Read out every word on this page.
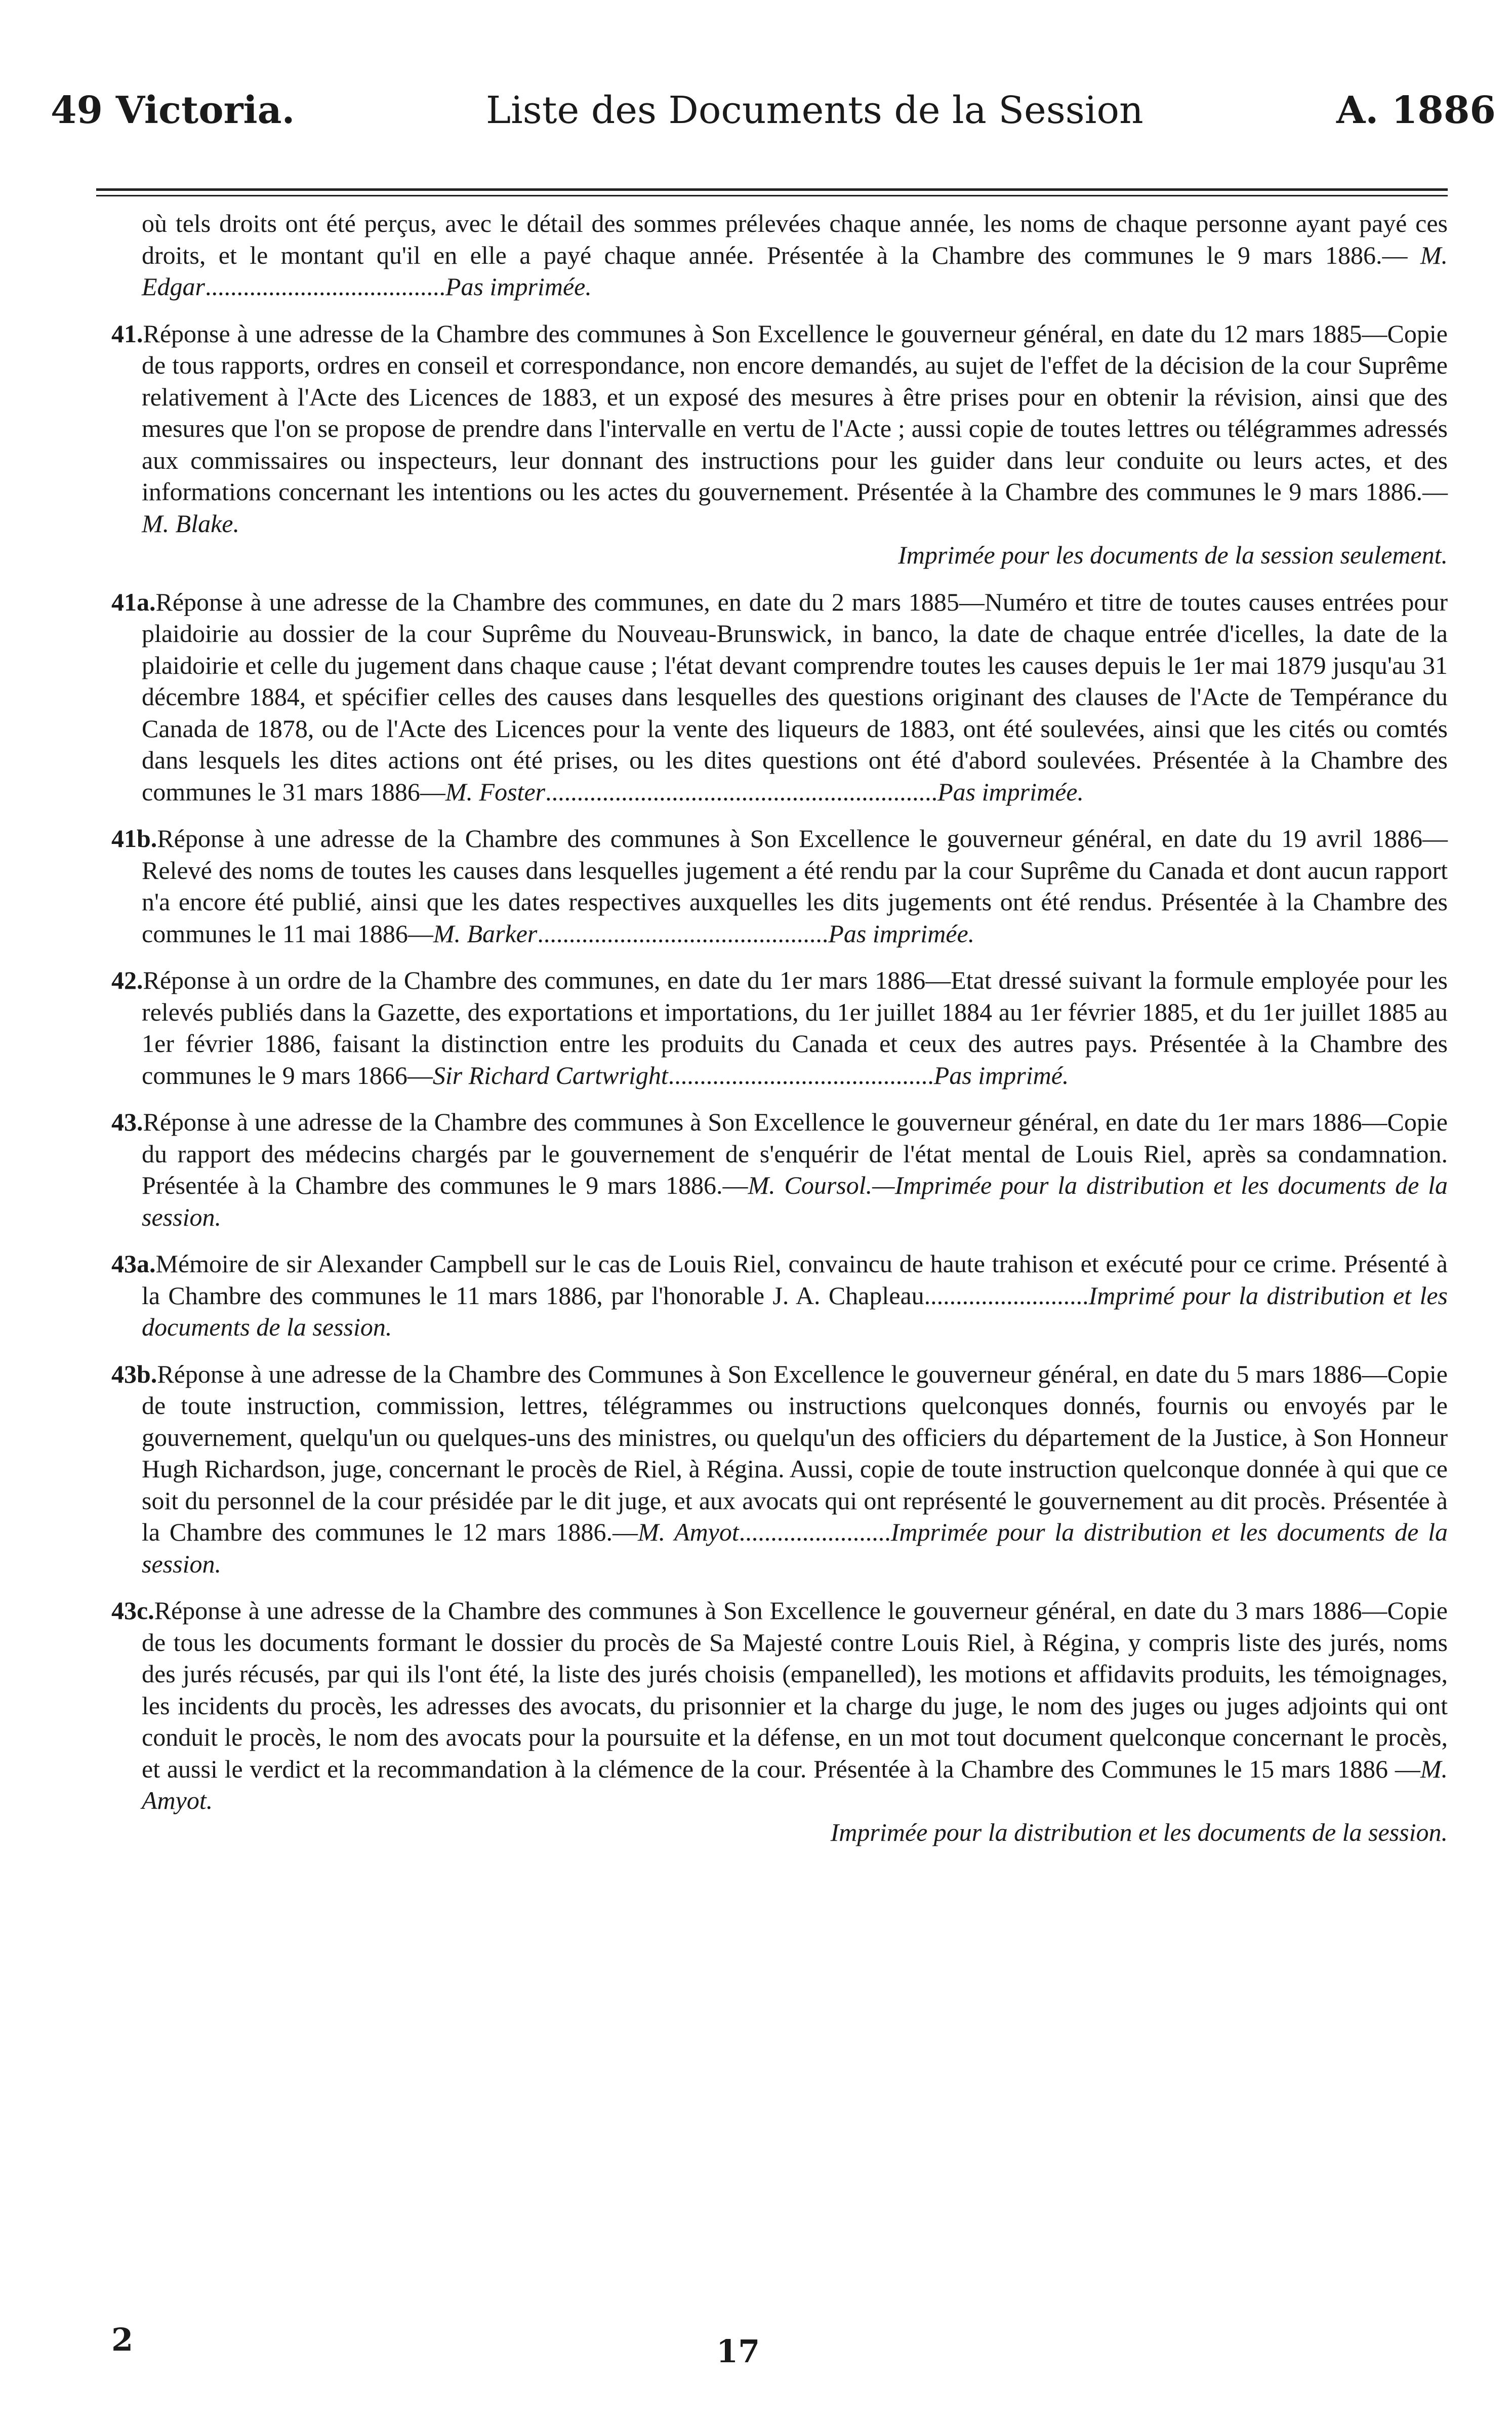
49 Victoria.	Liste des Documents de la Session	A. 1886

où tels droits ont été perçus, avec le détail des sommes prélevées chaque année, les noms de chaque personne ayant payé ces droits, et le montant qu'il en elle a payé chaque année. Présentée à la Chambre des communes le 9 mars 1886.— M. Edgar......................................Pas imprimée.

41.Réponse à une adresse de la Chambre des communes à Son Excellence le gouverneur général, en date du 12 mars 1885—Copie de tous rapports, ordres en conseil et correspondance, non encore demandés, au sujet de l'effet de la décision de la cour Suprême relativement à l'Acte des Licences de 1883, et un exposé des mesures à être prises pour en obtenir la révision, ainsi que des mesures que l'on se propose de prendre dans l'intervalle en vertu de l'Acte ; aussi copie de toutes lettres ou télégrammes adressés aux commissaires ou inspecteurs, leur donnant des instructions pour les guider dans leur conduite ou leurs actes, et des informations concernant les intentions ou les actes du gouvernement. Présentée à la Chambre des communes le 9 mars 1886.—M. Blake.
Imprimée pour les documents de la session seulement.

41a.Réponse à une adresse de la Chambre des communes, en date du 2 mars 1885—Numéro et titre de toutes causes entrées pour plaidoirie au dossier de la cour Suprême du Nouveau-Brunswick, in banco, la date de chaque entrée d'icelles, la date de la plaidoirie et celle du jugement dans chaque cause ; l'état devant comprendre toutes les causes depuis le 1er mai 1879 jusqu'au 31 décembre 1884, et spécifier celles des causes dans lesquelles des questions originant des clauses de l'Acte de Tempérance du Canada de 1878, ou de l'Acte des Licences pour la vente des liqueurs de 1883, ont été soulevées, ainsi que les cités ou comtés dans lesquels les dites actions ont été prises, ou les dites questions ont été d'abord soulevées. Présentée à la Chambre des communes le 31 mars 1886—M. Foster..............................................................Pas imprimée.

41b.Réponse à une adresse de la Chambre des communes à Son Excellence le gouverneur général, en date du 19 avril 1886—Relevé des noms de toutes les causes dans lesquelles jugement a été rendu par la cour Suprême du Canada et dont aucun rapport n'a encore été publié, ainsi que les dates respectives auxquelles les dits jugements ont été rendus. Présentée à la Chambre des communes le 11 mai 1886—M. Barker..............................................Pas imprimée.

42.Réponse à un ordre de la Chambre des communes, en date du 1er mars 1886—Etat dressé suivant la formule employée pour les relevés publiés dans la Gazette, des exportations et importations, du 1er juillet 1884 au 1er février 1885, et du 1er juillet 1885 au 1er février 1886, faisant la distinction entre les produits du Canada et ceux des autres pays. Présentée à la Chambre des communes le 9 mars 1866—Sir Richard Cartwright..........................................Pas imprimé.

43.Réponse à une adresse de la Chambre des communes à Son Excellence le gouverneur général, en date du 1er mars 1886—Copie du rapport des médecins chargés par le gouvernement de s'enquérir de l'état mental de Louis Riel, après sa condamnation. Présentée à la Chambre des communes le 9 mars 1886.—M. Coursol.—Imprimée pour la distribution et les documents de la session.

43a.Mémoire de sir Alexander Campbell sur le cas de Louis Riel, convaincu de haute trahison et exécuté pour ce crime. Présenté à la Chambre des communes le 11 mars 1886, par l'honorable J. A. Chapleau..........................Imprimé pour la distribution et les documents de la session.

43b.Réponse à une adresse de la Chambre des Communes à Son Excellence le gouverneur général, en date du 5 mars 1886—Copie de toute instruction, commission, lettres, télégrammes ou instructions quelconques donnés, fournis ou envoyés par le gouvernement, quelqu'un ou quelques-uns des ministres, ou quelqu'un des officiers du département de la Justice, à Son Honneur Hugh Richardson, juge, concernant le procès de Riel, à Régina. Aussi, copie de toute instruction quelconque donnée à qui que ce soit du personnel de la cour présidée par le dit juge, et aux avocats qui ont représenté le gouvernement au dit procès. Présentée à la Chambre des communes le 12 mars 1886.—M. Amyot........................Imprimée pour la distribution et les documents de la session.

43c.Réponse à une adresse de la Chambre des communes à Son Excellence le gouverneur général, en date du 3 mars 1886—Copie de tous les documents formant le dossier du procès de Sa Majesté contre Louis Riel, à Régina, y compris liste des jurés, noms des jurés récusés, par qui ils l'ont été, la liste des jurés choisis (empanelled), les motions et affidavits produits, les témoignages, les incidents du procès, les adresses des avocats, du prisonnier et la charge du juge, le nom des juges ou juges adjoints qui ont conduit le procès, le nom des avocats pour la poursuite et la défense, en un mot tout document quelconque concernant le procès, et aussi le verdict et la recommandation à la clémence de la cour. Présentée à la Chambre des Communes le 15 mars 1886 —M. Amyot.
Imprimée pour la distribution et les documents de la session.

2	17
